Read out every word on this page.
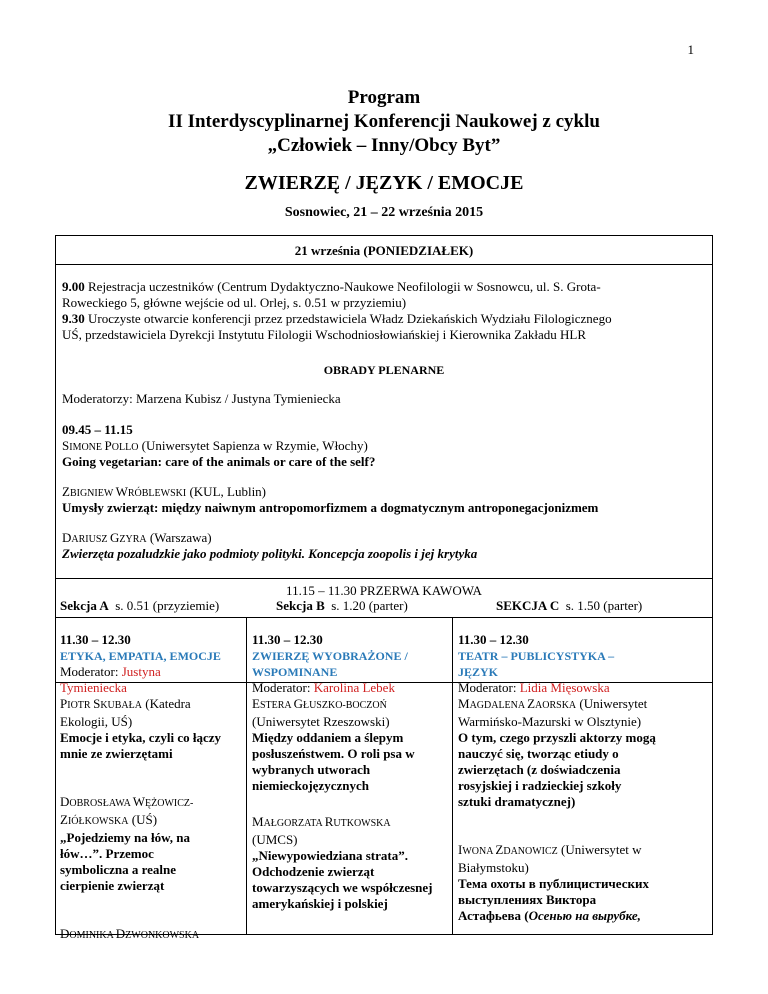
1
Program
II Interdyscyplinarnej Konferencji Naukowej z cyklu
„Człowiek – Inny/Obcy Byt”
ZWIERZĘ / JĘZYK / EMOCJE
Sosnowiec, 21 – 22 września 2015
21 września (PONIEDZIAŁEK)
9.00 Rejestracja uczestników (Centrum Dydaktyczno-Naukowe Neofilologii w Sosnowcu, ul. S. Grota-
Roweckiego 5, główne wejście od ul. Orlej, s. 0.51 w przyziemiu)
9.30 Uroczyste otwarcie konferencji przez przedstawiciela Władz Dziekańskich Wydziału Filologicznego
UŚ, przedstawiciela Dyrekcji Instytutu Filologii Wschodniosłowiańskiej i Kierownika Zakładu HLR
OBRADY PLENARNE
Moderatorzy: Marzena Kubisz / Justyna Tymieniecka
09.45 – 11.15
SIMONE POLLO (Uniwersytet Sapienza w Rzymie, Włochy)
Going vegetarian: care of the animals or care of the self?
ZBIGNIEW WRÓBLEWSKI (KUL, Lublin)
Umysły zwierząt: między naiwnym antropomorfizmem a dogmatycznym antroponegacjonizmem
DARIUSZ GZYRA (Warszawa)
Zwierzęta pozaludzkie jako podmioty polityki. Koncepcja zoopolis i jej krytyka
11.15 – 11.30 PRZERWA KAWOWA
Sekcja A s. 0.51 (przyziemie)	Sekcja B s. 1.20 (parter)	SEKCJA C s. 1.50 (parter)

11.30 – 12.30

ETYKA, EMPATIA, EMOCJE

Moderator: Justyna

Tymieniecka

PIOTR SKUBAŁA (Katedra

Ekologii, UŚ)

Emocje i etyka, czyli co łączy

mnie ze zwierzętami

DOBROSŁAWA WĘŻOWICZ-

ZIÓŁKOWSKA (UŚ)

„Pojedziemy na łów, na

łów…”. Przemoc

symboliczna a realne

cierpienie zwierząt

DOMINIKA DZWONKOWSKA

11.30 – 12.30

ZWIERZĘ WYOBRAŻONE /

WSPOMINANE

Moderator: Karolina Lebek

ESTERA GŁUSZKO-BOCZOŃ

(Uniwersytet Rzeszowski)

Między oddaniem a ślepym

posłuszeństwem. O roli psa w

wybranych utworach

niemieckojęzycznych

MAŁGORZATA RUTKOWSKA

(UMCS)

„Niewypowiedziana strata”.

Odchodzenie zwierząt

towarzyszących we współczesnej

amerykańskiej i polskiej

11.30 – 12.30

TEATR – PUBLICYSTYKA –

JĘZYK

Moderator: Lidia Mięsowska

MAGDALENA ZAORSKA (Uniwersytet

Warmińsko-Mazurski w Olsztynie)

O tym, czego przyszli aktorzy mogą

nauczyć się, tworząc etiudy o

zwierzętach (z doświadczenia

rosyjskiej i radzieckiej szkoły

sztuki dramatycznej)

IWONA ZDANOWICZ (Uniwersytet w

Białymstoku)

Тема охоты в публицистических

выступлениях Виктора

Астафьева (Осенью на вырубке,
